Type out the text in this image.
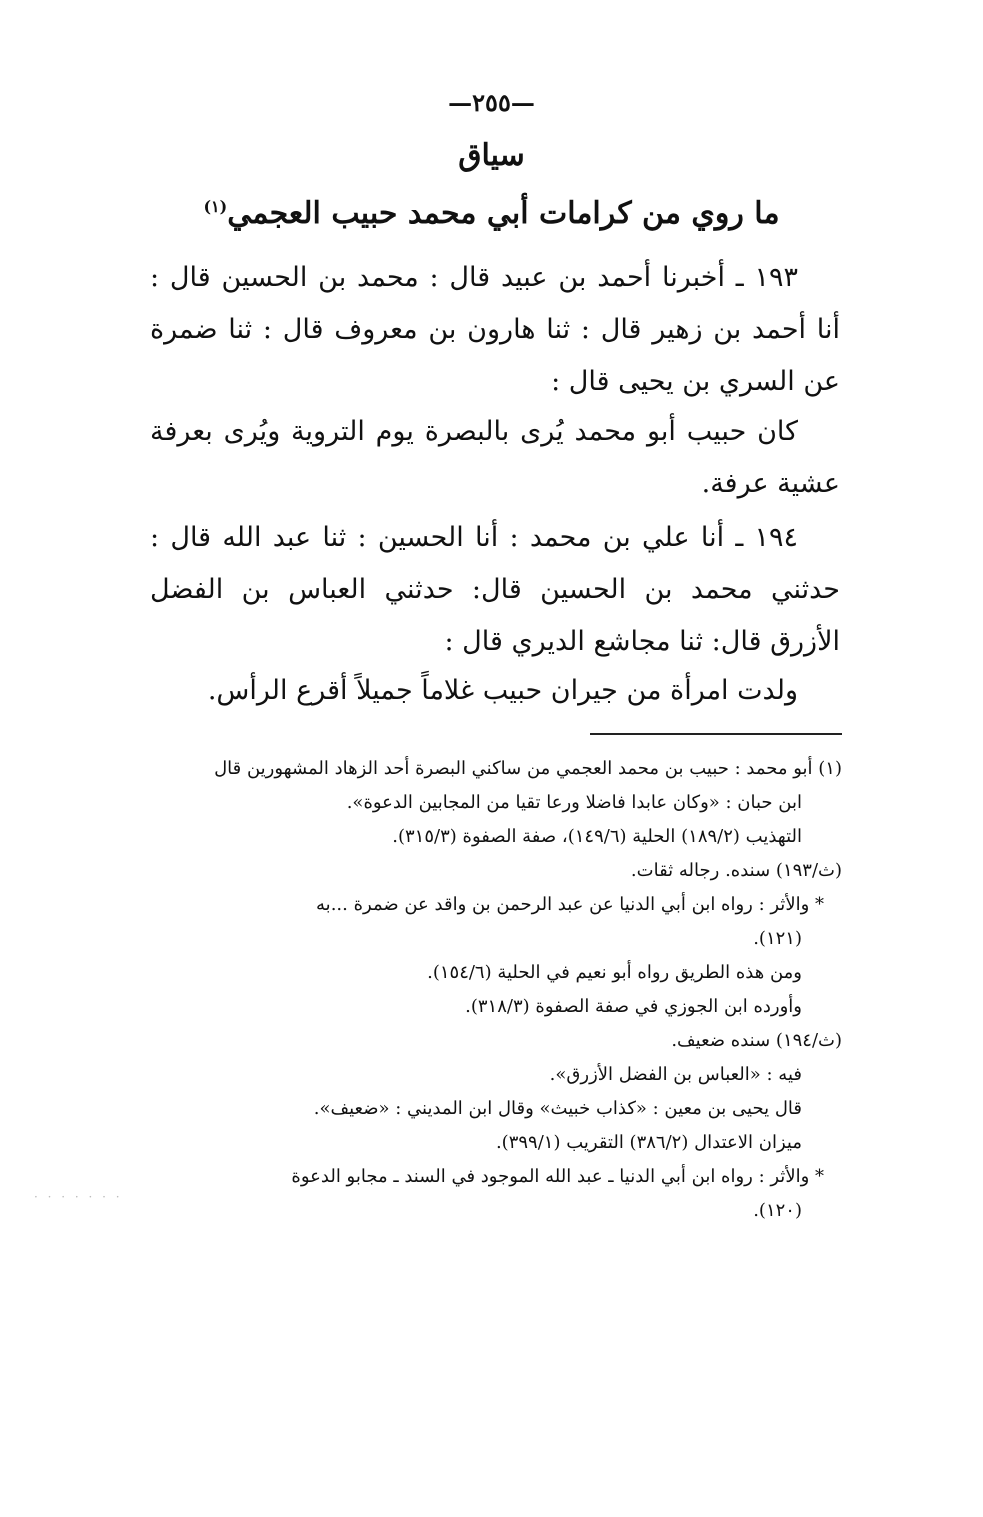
—٢٥٥—
سياق
ما روي من كرامات أبي محمد حبيب العجمي$^{(١)}$
١٩٣ ـ أخبرنا أحمد بن عبيد قال : محمد بن الحسين قال : أنا أحمد بن زهير قال : ثنا هارون بن معروف قال : ثنا ضمرة عن السري بن يحيى قال :
كان حبيب أبو محمد يُرى بالبصرة يوم التروية ويُرى بعرفة عشية عرفة.
١٩٤ ـ أنا علي بن محمد : أنا الحسين : ثنا عبد الله قال : حدثني محمد بن الحسين قال: حدثني العباس بن الفضل الأزرق قال: ثنا مجاشع الديري قال :
ولدت امرأة من جيران حبيب غلاماً جميلاً أقرع الرأس.

(١) أبو محمد : حبيب بن محمد العجمي من ساكني البصرة أحد الزهاد المشهورين قال

ابن حبان : «وكان عابدا فاضلا ورعا تقيا من المجابين الدعوة».

التهذيب (١٨٩/٢) الحلية (١٤٩/٦)، صفة الصفوة (٣١٥/٣).

(ث/١٩٣) سنده. رجاله ثقات.

* والأثر : رواه ابن أبي الدنيا عن عبد الرحمن بن واقد عن ضمرة ...به

(١٢١).

ومن هذه الطريق رواه أبو نعيم في الحلية (١٥٤/٦).

وأورده ابن الجوزي في صفة الصفوة (٣١٨/٣).

(ث/١٩٤) سنده ضعيف.

فيه : «العباس بن الفضل الأزرق».

قال يحيى بن معين : «كذاب خبيث» وقال ابن المديني : «ضعيف».

ميزان الاعتدال (٣٨٦/٢) التقريب (٣٩٩/١).

* والأثر : رواه ابن أبي الدنيا ـ عبد الله الموجود في السند ـ مجابو الدعوة

(١٢٠).

· · · · · · ·
